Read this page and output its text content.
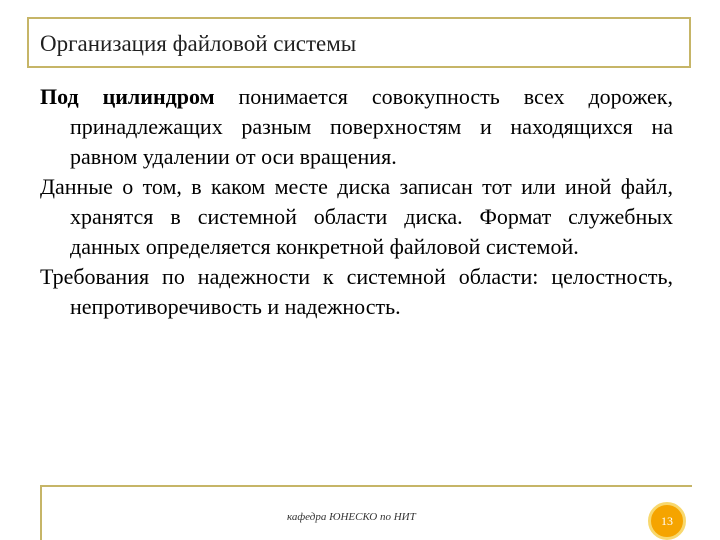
Организация файловой системы

Под цилиндром понимается совокупность всех дорожек, принадлежащих разным поверхностям и находящихся на равном удалении от оси вращения.

Данные о том, в каком месте диска записан тот или иной файл, хранятся в системной области диска. Формат служебных данных определяется конкретной файловой системой.

Требования по надежности к системной области: целостность, непротиворечивость и надежность.

кафедра ЮНЕСКО по НИТ	13
